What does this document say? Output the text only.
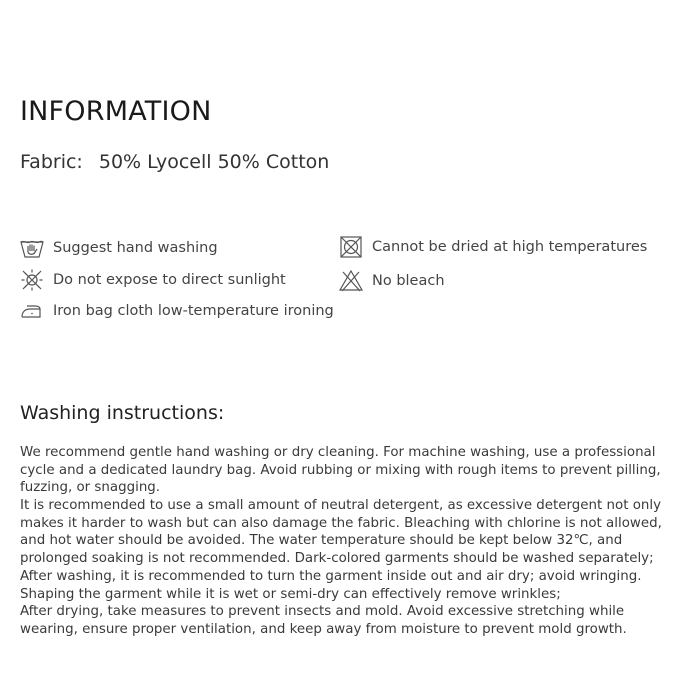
INFORMATION
Fabric: 50% Lyocell 50% Cotton
Suggest hand washing
Do not expose to direct sunlight
Iron bag cloth low-temperature ironing
Cannot be dried at high temperatures
No bleach
Washing instructions:
We recommend gentle hand washing or dry cleaning. For machine washing, use a professional
cycle and a dedicated laundry bag. Avoid rubbing or mixing with rough items to prevent pilling,
fuzzing, or snagging.
It is recommended to use a small amount of neutral detergent, as excessive detergent not only
makes it harder to wash but can also damage the fabric. Bleaching with chlorine is not allowed,
and hot water should be avoided. The water temperature should be kept below 32℃, and
prolonged soaking is not recommended. Dark-colored garments should be washed separately;
After washing, it is recommended to turn the garment inside out and air dry; avoid wringing.
Shaping the garment while it is wet or semi-dry can effectively remove wrinkles;
After drying, take measures to prevent insects and mold. Avoid excessive stretching while
wearing, ensure proper ventilation, and keep away from moisture to prevent mold growth.
